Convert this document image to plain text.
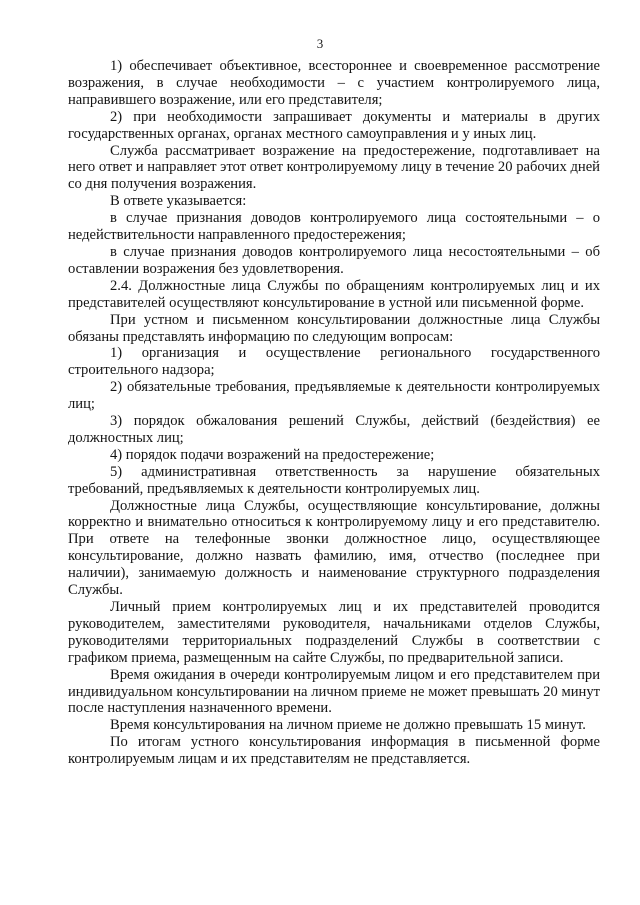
3

1) обеспечивает объективное, всестороннее и своевременное рассмотрение возражения, в случае необходимости – с участием контролируемого лица, направившего возражение, или его представителя;

2) при необходимости запрашивает документы и материалы в других государственных органах, органах местного самоуправления и у иных лиц.

Служба рассматривает возражение на предостережение, подготавливает на него ответ и направляет этот ответ контролируемому лицу в течение 20 рабочих дней со дня получения возражения.

В ответе указывается:

в случае признания доводов контролируемого лица состоятельными – о недействительности направленного предостережения;

в случае признания доводов контролируемого лица несостоятельными – об оставлении возражения без удовлетворения.

2.4. Должностные лица Службы по обращениям контролируемых лиц и их представителей осуществляют консультирование в устной или письменной форме.

При устном и письменном консультировании должностные лица Службы обязаны представлять информацию по следующим вопросам:

1) организация и осуществление регионального государственного строительного надзора;

2) обязательные требования, предъявляемые к деятельности контролируемых лиц;

3) порядок обжалования решений Службы, действий (бездействия) ее должностных лиц;

4) порядок подачи возражений на предостережение;

5) административная ответственность за нарушение обязательных требований, предъявляемых к деятельности контролируемых лиц.

Должностные лица Службы, осуществляющие консультирование, должны корректно и внимательно относиться к контролируемому лицу и его представителю. При ответе на телефонные звонки должностное лицо, осуществляющее консультирование, должно назвать фамилию, имя, отчество (последнее при наличии), занимаемую должность и наименование структурного подразделения Службы.

Личный прием контролируемых лиц и их представителей проводится руководителем, заместителями руководителя, начальниками отделов Службы, руководителями территориальных подразделений Службы в соответствии с графиком приема, размещенным на сайте Службы, по предварительной записи.

Время ожидания в очереди контролируемым лицом и его представителем при индивидуальном консультировании на личном приеме не может превышать 20 минут после наступления назначенного времени.

Время консультирования на личном приеме не должно превышать 15 минут.

По итогам устного консультирования информация в письменной форме контролируемым лицам и их представителям не представляется.
